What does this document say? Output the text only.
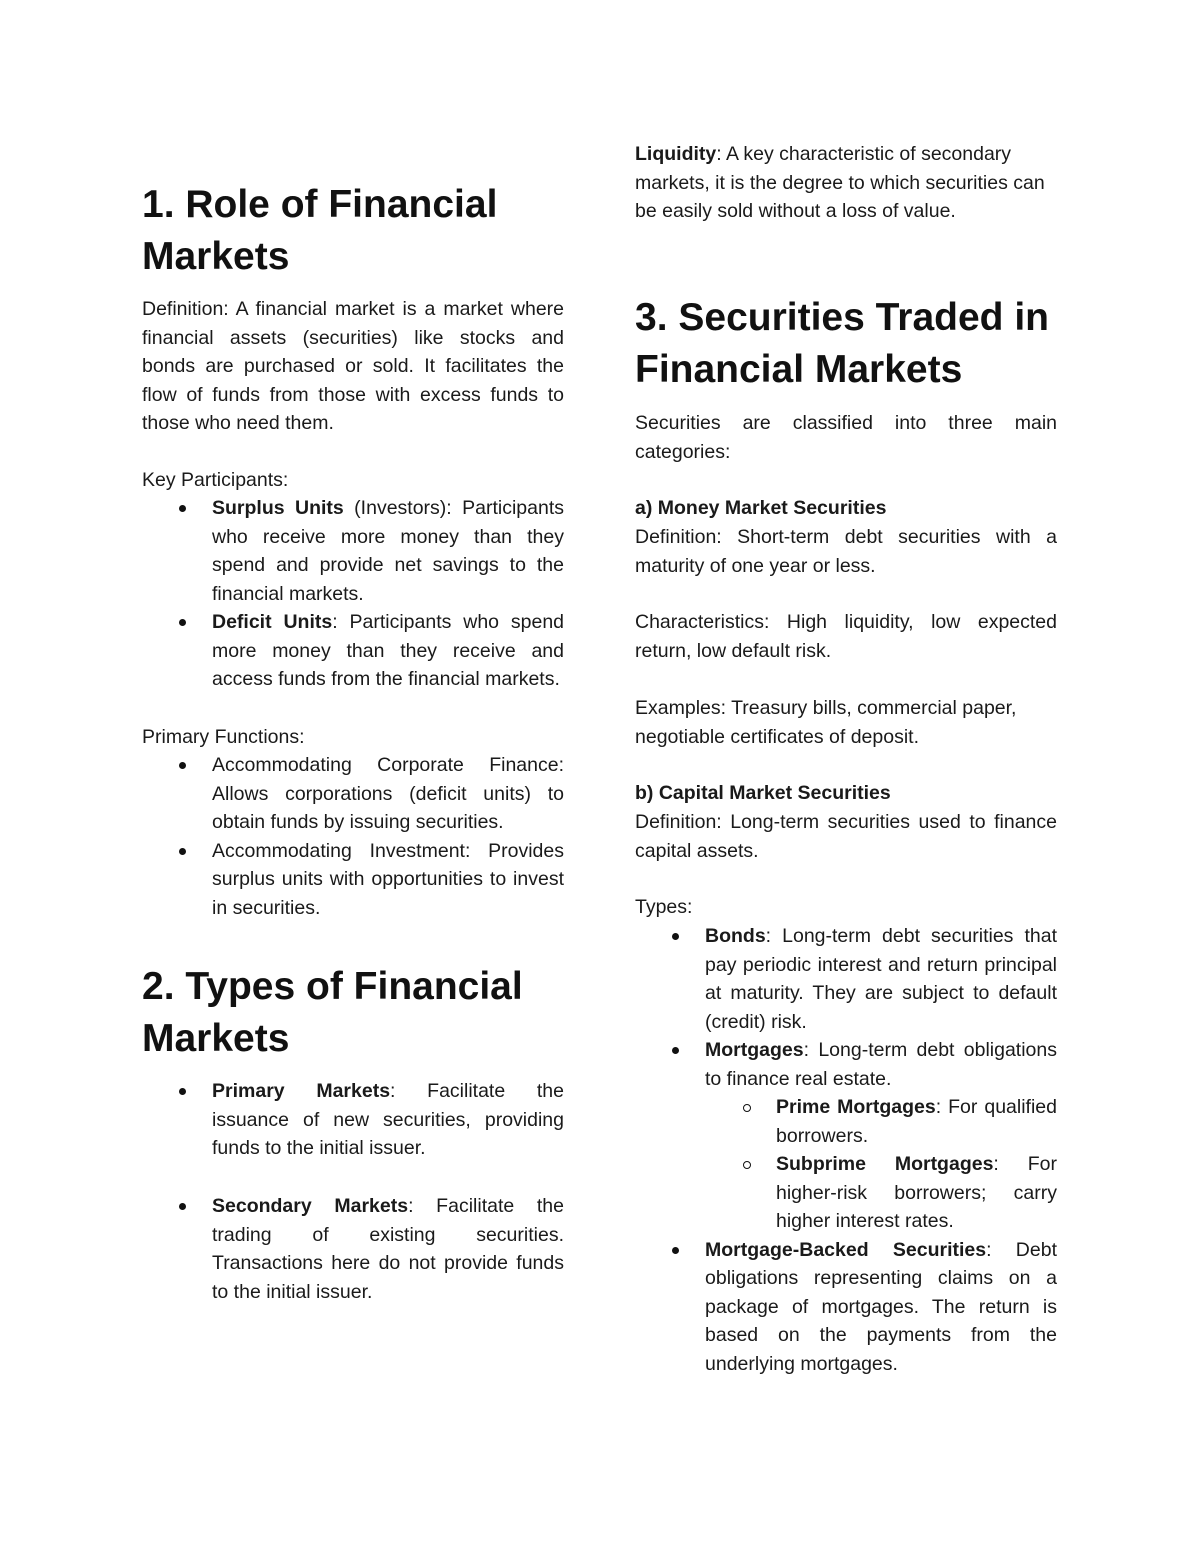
1. Role of Financial Markets

Definition: A financial market is a market where financial assets (securities) like stocks and bonds are purchased or sold. It facilitates the flow of funds from those with excess funds to those who need them.

Key Participants:

Surplus Units (Investors): Participants who receive more money than they spend and provide net savings to the financial markets.
Deficit Units: Participants who spend more money than they receive and access funds from the financial markets.

Primary Functions:

Accommodating Corporate Finance: Allows corporations (deficit units) to obtain funds by issuing securities.
Accommodating Investment: Provides surplus units with opportunities to invest in securities.
2. Types of Financial Markets
Primary Markets: Facilitate the issuance of new securities, providing funds to the initial issuer.
Secondary Markets: Facilitate the trading of existing securities. Transactions here do not provide funds to the initial issuer.

Liquidity: A key characteristic of secondary markets, it is the degree to which securities can be easily sold without a loss of value.

3. Securities Traded in Financial Markets

Securities are classified into three main categories:

a) Money Market Securities

Definition: Short-term debt securities with a maturity of one year or less.

Characteristics: High liquidity, low expected return, low default risk.

Examples: Treasury bills, commercial paper, negotiable certificates of deposit.

b) Capital Market Securities

Definition: Long-term securities used to finance capital assets.

Types:

Bonds: Long-term debt securities that pay periodic interest and return principal at maturity. They are subject to default (credit) risk.
Mortgages: Long-term debt obligations to finance real estate.
Prime Mortgages: For qualified borrowers.
Subprime Mortgages: For higher-risk borrowers; carry higher interest rates.
Mortgage-Backed Securities: Debt obligations representing claims on a package of mortgages. The return is based on the payments from the underlying mortgages.
